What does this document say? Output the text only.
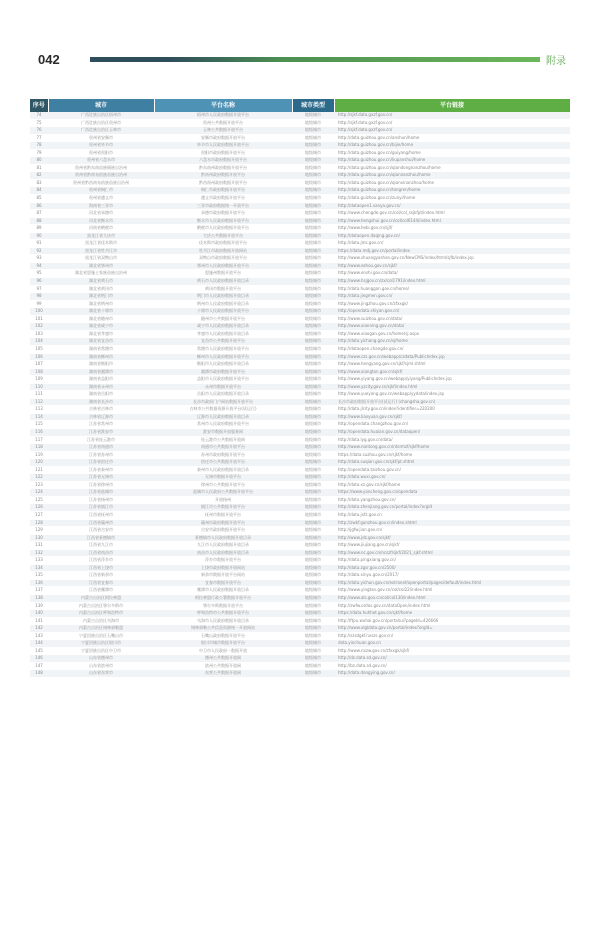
042	附录
序号	城市	平台名称	城市类型	平台链接
74	广西壮族自治区梧州市	梧州市人民政府数据开放平台	地级城市	http://sjkf.data.gxzf.gov.cn/
75	广西壮族自治区贵州市	贵州公共数据开放平台	地级城市	http://sjkf.data.gxzf.gov.cn/
76	广西壮族自治区玉林市	玉林公共数据开放平台	地级城市	http://sjkf.data.gxzf.gov.cn/
77	贵州省安顺市	安顺市政府数据开放平台	地级城市	http://data.guizhou.gov.cn/anshun/home
78	贵州省毕节市	毕节市人民政府数据开放平台	地级城市	http://data.guizhou.gov.cn/bijie/home
79	贵州省贵阳市	贵阳市政府数据开放平台	地级城市	http://data.guizhou.gov.cn/guiyang/home
80	贵州省六盘水市	六盘水市政府数据开放平台	地级城市	http://data.guizhou.gov.cn/liupanshui/home
81	贵州省黔东南苗族侗族自治州	黔东南州政府数据开放平台	地级城市	http://data.guizhou.gov.cn/qiandongnanzhou/home
82	贵州省黔南布依族苗族自治州	黔南州政府数据开放平台	地级城市	http://data.guizhou.gov.cn/qiannanzhou/home
83	贵州省黔西南布依族苗族自治州	黔西南州政府数据开放平台	地级城市	http://data.guizhou.gov.cn/qianxinanzhou/home
84	贵州省铜仁市	铜仁市政府数据开放平台	地级城市	http://data.guizhou.gov.cn/tongren/home
85	贵州省遵义市	遵义市政府数据开放平台	地级城市	http://data.guizhou.gov.cn/zunyi/home
86	海南省三亚市	三亚市政府数据统一开放平台	地级城市	http://dataopen1.sanya.gov.cn/
87	河北省承德市	承德市政府数据开放平台	地级城市	http://www.chengde.gov.cn/col/col_ssjkfpt/index.html
88	河北省衡水市	衡水市人民政府数据开放平台	地级城市	http://www.hengshui.gov.cn/col/col6144/index.html
89	河南省鹤壁市	鹤壁市人民政府数据开放平台	地级城市	http://www.hebi.gov.cn/sjjf/
90	黑龙江省大庆市	大庆公共数据开放平台	地级城市	http://dataopen.daqing.gov.cn/
91	黑龙江省佳木斯市	佳木斯市政府数据开放平台	地级城市	http://data.jms.gov.cn/
92	黑龙江省牡丹江市	牡丹江市政府数据开放网站	地级城市	https://data.mdj.gov.cn/portal/index
93	黑龙江省双鸭山市	双鸭山市政府数据开放平台	地级城市	http://www.shuangyashan.gov.cn/NewCMS/index/html/sjfb/index.jsp
94	湖北省鄂州市	鄂州市人民政府数据开放平台	地级城市	http://www.ezhou.gov.cn/sjkf/
95	湖北省恩施土家族苗族自治州	恩施州数据开放平台	地级城市	http://www.enshi.gov.cn/data/
96	湖北省黄石市	黄石市人民政府数据开放目录	地级城市	http://www.hsjgov.cn/zx/col1791/index.html
97	湖北省黄冈市	黄冈市数据开放平台	地级城市	http://data.huanggan.gov.cn/home/
98	湖北省荆门市	荆门市人民政府数据开放目录	地级城市	http://data.jingmen.gov.cn/
99	湖北省荆州市	荆州市人民政府数据开放目录	地级城市	http://www.jingzhou.gov.cn/zfxxgk/
100	湖北省十堰市	十堰市人民政府数据开放平台	地级城市	http://opendata.shiyan.gov.cn/
101	湖北省随州市	随州市公共数据开放平台	地级城市	http://www.suizhou.gov.cn/data/
102	湖北省咸宁市	咸宁市人民政府数据开放目录	地级城市	http://www.xianning.gov.cn/data/
103	湖北省孝感市	孝感市人民政府数据开放目录	地级城市	http://www.xiaogan.gov.cn/home/sj.aspx
104	湖北省宜昌市	宜昌市公共数据开放平台	地级城市	http://data.yichang.gov.cn/sj/home
105	湖南省常德市	常德市人民政府数据开放平台	地级城市	http://dataopen.changde.gov.cn/
106	湖南省郴州市	郴州市人民政府数据开放平台	地级城市	http://www.czs.gov.cn/webapp/czdata/PublicIndex.jsp
107	湖南省衡阳市	衡阳市人民政府数据开放目录	地级城市	http://www.hengyang.gov.cn/sjkf/sjml.shtml
108	湖南省湘潭市	湘潭市政府数据开放平台	地级城市	http://www.xiangtan.gov.cn/sjkf/
109	湖南省益阳市	益阳市人民政府数据开放平台	地级城市	http://www.yiyang.gov.cn/webapp/yiyang/PublicIndex.jsp
110	湖南省永州市	永州市数据开放平台	地级城市	http://www.yzcity.gov.cn/sjkf/index.html
111	湖南省岳阳市	岳阳市人民政府数据开放目录	地级城市	http://www.yueyang.gov.cn/webapp/yydata/index.jsp
112	湖南省长沙市	长沙市政府门户网站数据开放平台	地级城市	长沙市政府数据开放平台(试运行) (changsha.gov.cn)
113	吉林省吉林市	吉林市公共数据资源开放平台(试运行)	地级城市	http://data.jlcity.gov.cn/index?identifier=220200
114	吉林省辽源市	辽源市人民政府数据开放目录	地级城市	http://www.liaoyuan.gov.cn/sjkf/
115	江苏省常州市	常州市人民政府数据开放平台	地级城市	http://opendata.changzhou.gov.cn/
116	江苏省淮安市	淮安市数据开放服务网	地级城市	http://opendata.huaian.gov.cn/dataopen/
117	江苏省连云港市	连云港市公共数据开放网	地级城市	http://data.lyg.gov.cn/data/
118	江苏省南通市	南通市公共数据开放平台	地级城市	http://www.nantong.gov.cn/ntsrmzf/sjkf/home
119	江苏省苏州市	苏州市政府数据开放平台	地级城市	https://data.suzhou.gov.cn/sjkf/home
120	江苏省宿迁市	宿迁市公共数据开放平台	地级城市	http://data.suqian.gov.cn/sjkf/pt.shtml
121	江苏省泰州市	泰州市人民政府数据开放目录	地级城市	http://opendata.taizhou.gov.cn/
122	江苏省无锡市	无锡市数据开放平台	地级城市	http://data.wuxi.gov.cn/
123	江苏省徐州市	徐州市公共数据开放平台	地级城市	http://data.xz.gov.cn/sjkf/home
124	江苏省盐城市	盐城市人民政府公共数据开放平台	地级城市	https://www.yancheng.gov.cn/opendata
125	江苏省扬州市	开放扬州	地级城市	http://data.yangzhou.gov.cn/
126	江苏省镇江市	镇江市公共数据开放平台	地级城市	http://data.zhenjiang.gov.cn/portal/index?orgId
127	江西省抚州市	抚州市数据开放平台	地级城市	http://data.jxfz.gov.cn
128	江西省赣州市	赣州市政府数据开放平台	地级城市	http://zwkf.ganzhou.gov.cn/index.shtml
129	江西省吉安市	吉安市政府数据开放平台	地级城市	http://jgfw.jian.gov.cn/
130	江西省景德镇市	景德镇市人民政府数据开放目录	地级城市	http://www.jdz.gov.cn/sjkf/
131	江西省九江市	九江市人民政府数据开放目录	地级城市	http://www.jiujiang.gov.cn/sjkf/
132	江西省南昌市	南昌市人民政府数据开放目录	地级城市	http://www.nc.gov.cn/ncszf/sjkf/2021_sjkf.shtml
133	江西省萍乡市	萍乡市数据开放平台	地级城市	http://data.pingxiang.gov.cn/
134	江西省上饶市	上饶市政府数据开放网站	地级城市	http://data.zgsr.gov.cn/2500/
135	江西省新余市	新余市数据开放平台网站	地级城市	http://data.xinyu.gov.cn/2017/
136	江西省宜春市	宜春市数据开放平台	地级城市	http://data.yichun.gov.cn/extranet/openportal/pages/default/index.html
137	江西省鹰潭市	鹰潭市人民政府数据开放目录	地级城市	http://www.yingtan.gov.cn/col/col22/index.html
138	内蒙古自治区阿拉善盟	阿拉善盟行政公署数据开放平台	地级城市	http://www.als.gov.cn/col/col130/index.html
139	内蒙古自治区鄂尔多斯市	鄂尔多斯数据开放平台	地级城市	http://zwfw.ordos.gov.cn/dataOpen/index.html
140	内蒙古自治区呼和浩特市	呼和浩特市公共数据开放平台	地级城市	https://data.huhhot.gov.cn/sjkf/home
141	内蒙古自治区乌海市	乌海市人民政府数据开放目录	地级城市	http://ftpu.wuhai.gov.cn/portal/ui?pageId=426666
142	内蒙古自治区锡林郭勒盟	锡林郭勒公共信息资源统一开放网站	地级城市	http://www.xlgldata.gov.cn/portal/index?orgId=
143	宁夏回族自治区石嘴山市	石嘴山政府数据开放平台	地级城市	http://szsdgkf.nxszs.gov.cn/
144	宁夏回族自治区银川市	银川市城市数据开放平台	地级城市	data.yinchuan.gov.cn
145	宁夏回族自治区中卫市	中卫市人民政府一数据开放	地级城市	http://www.nxzw.gov.cn/zfxxgk/sjkf/
146	山东省德州市	德州公共数据开放网	地级城市	http://dz.data.sd.gov.cn/
147	山东省滨州市	滨州公共数据开放网	地级城市	http://bz.data.sd.gov.cn/
148	山东省东营市	东营公共数据开放网	地级城市	http://data.dongying.gov.cn/
